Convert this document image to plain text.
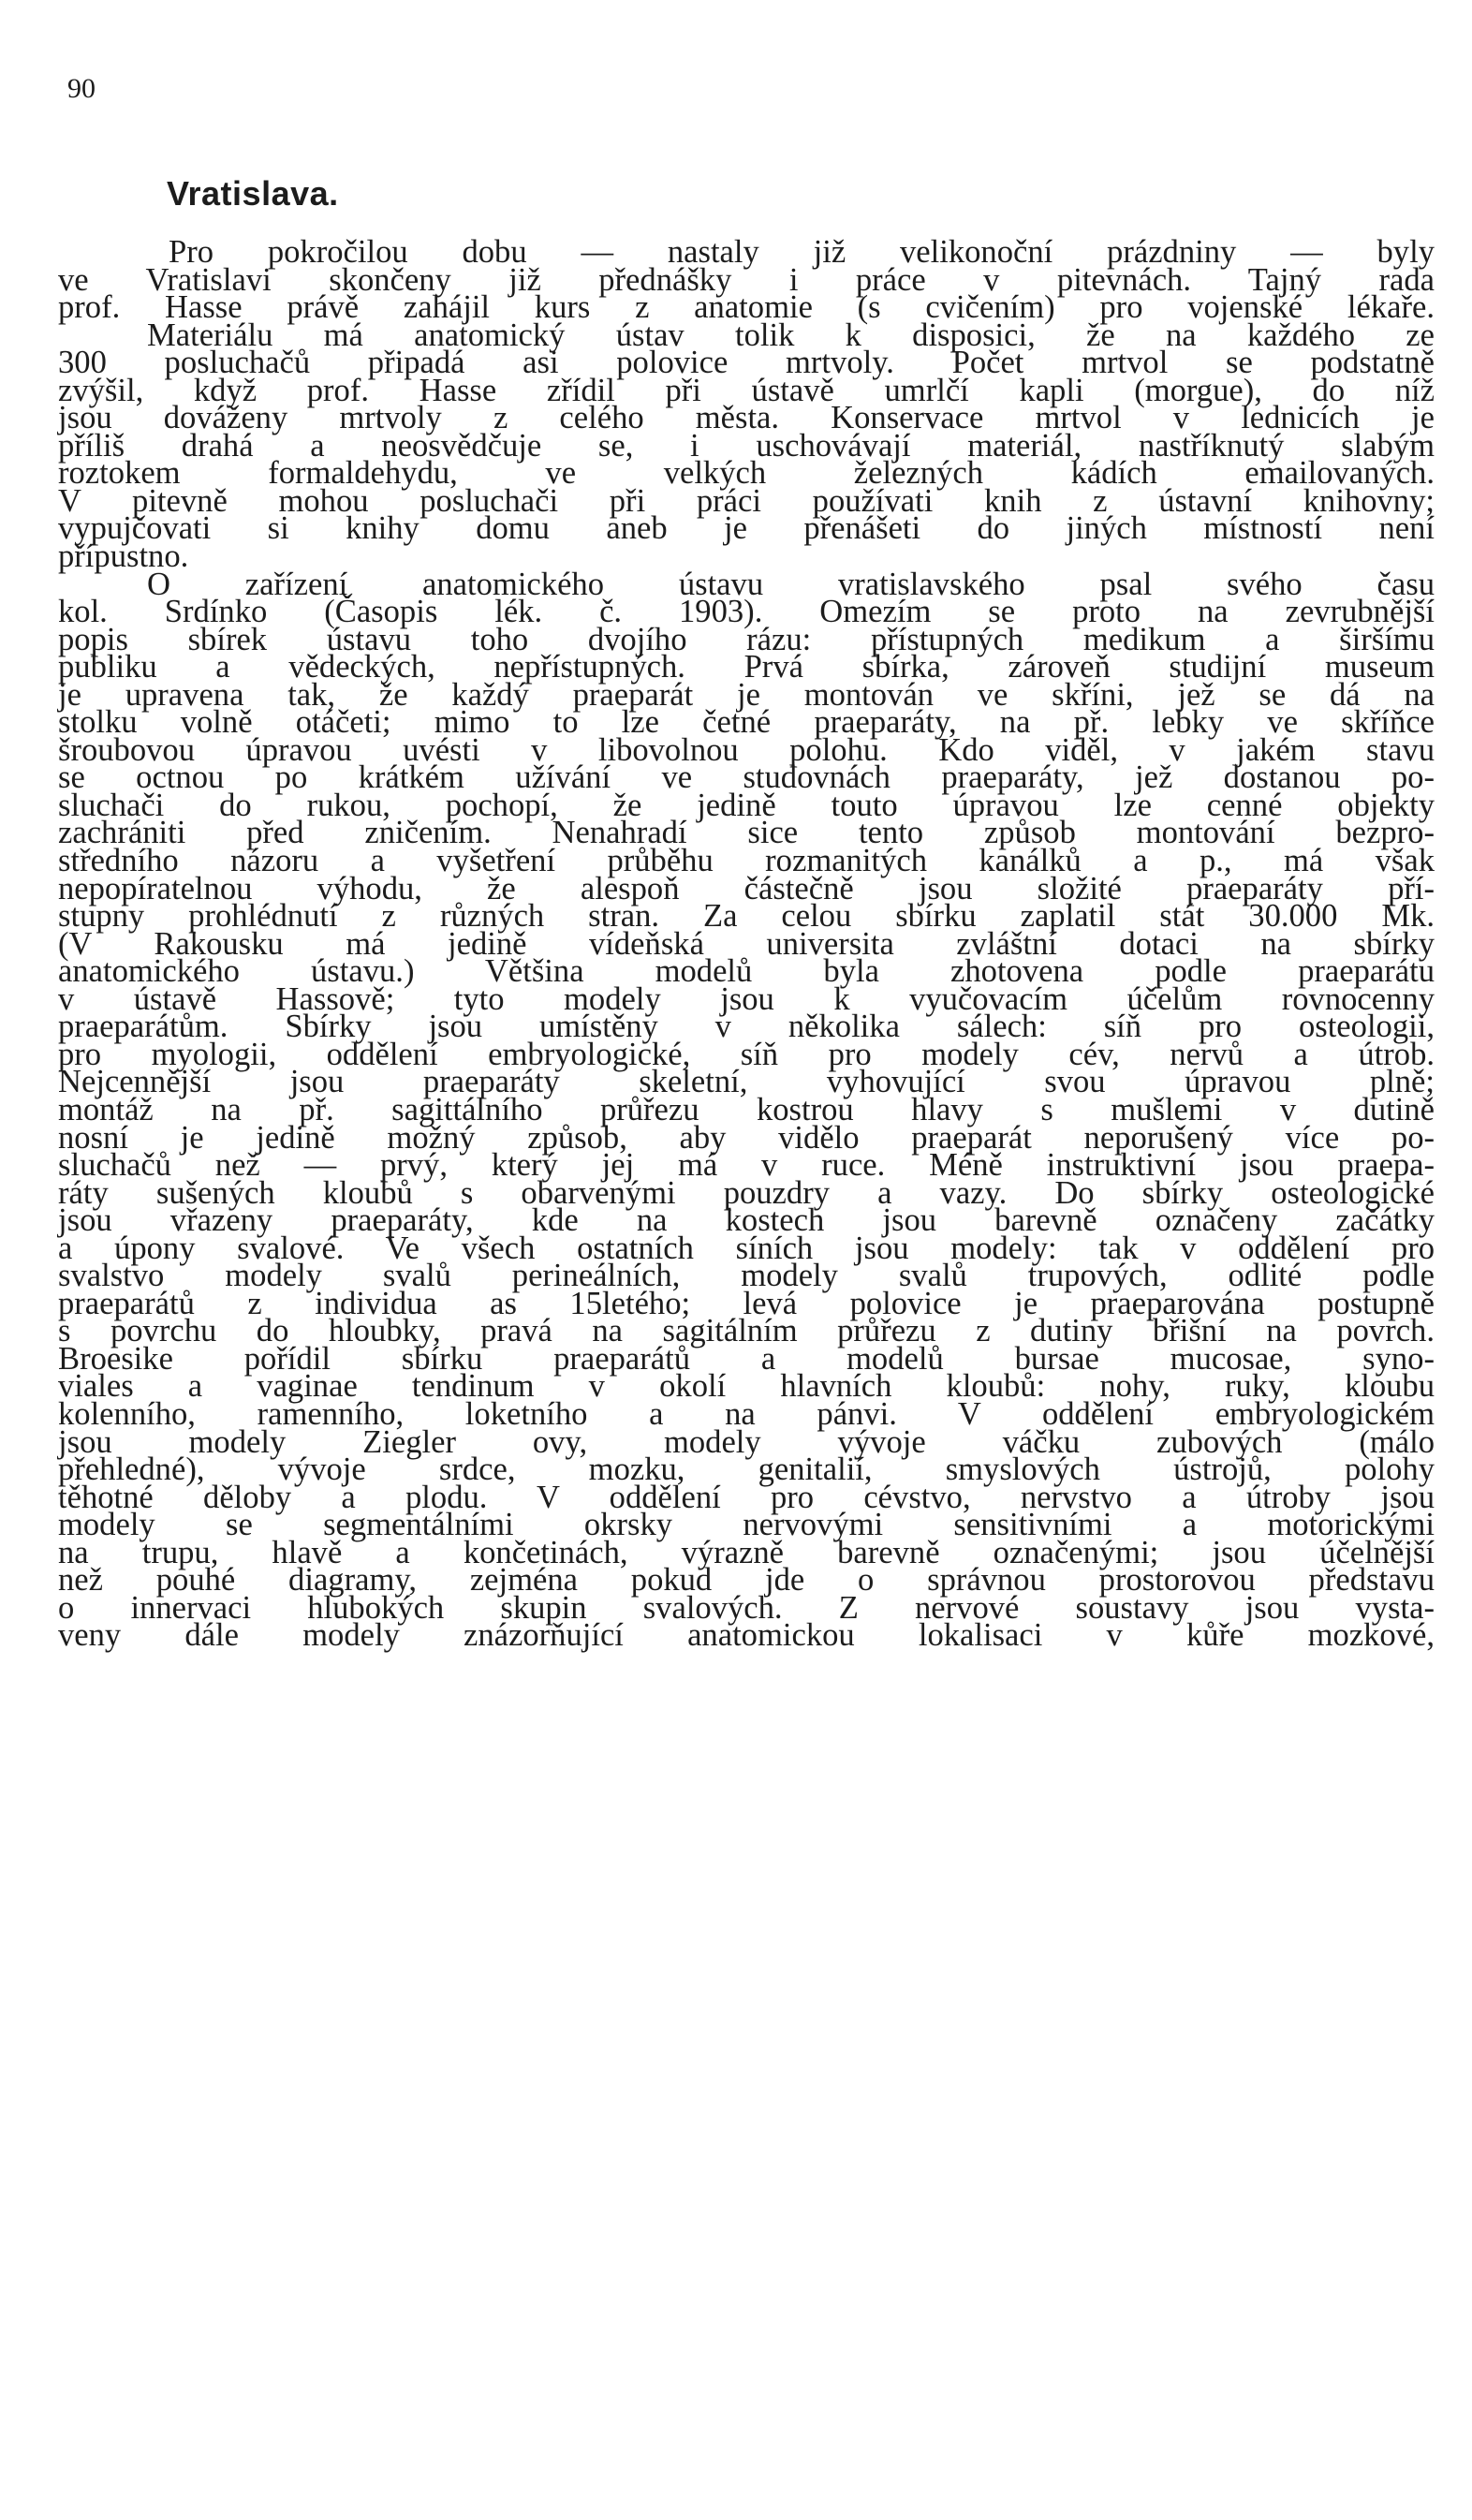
90
Vratislava.
Pro pokročilou dobu — nastaly již velikonoční prázdniny — byly
ve Vratislavi skončeny již přednášky i práce v pitevnách. Tajný rada
prof. Hasse právě zahájil kurs z anatomie (s cvičením) pro vojenské lékaře.
Materiálu má anatomický ústav tolik k disposici, že na každého ze
300 posluchačů připadá asi polovice mrtvoly. Počet mrtvol se podstatně
zvýšil, když prof. Hasse zřídil při ústavě umrlčí kapli (morgue), do níž
jsou dováženy mrtvoly z celého města. Konservace mrtvol v lednicích je
příliš drahá a neosvědčuje se, i uschovávají materiál, nastříknutý slabým
roztokem formaldehydu, ve velkých železných kádích emailovaných.
V pitevně mohou posluchači při práci používati knih z ústavní knihovny;
vypujčovati si knihy domu aneb je přenášeti do jiných místností není
přípustno.
O zařízení anatomického ústavu vratislavského psal svého času
kol. Srdínko (Časopis lék. č. 1903). Omezím se proto na zevrubnější
popis sbírek ústavu toho dvojího rázu: přístupných medikum a širšímu
publiku a vědeckých, nepřístupných. Prvá sbírka, zároveň studijní museum
je upravena tak, že každý praeparát je montován ve skříni, jež se dá na
stolku volně otáčeti; mimo to lze četné praeparáty, na př. lebky ve skříňce
šroubovou úpravou uvésti v libovolnou polohu. Kdo viděl, v jakém stavu
se octnou po krátkém užívání ve studovnách praeparáty, jež dostanou po-
sluchači do rukou, pochopí, že jedině touto úpravou lze cenné objekty
zachrániti před zničením. Nenahradí sice tento způsob montování bezpro-
středního názoru a vyšetření průběhu rozmanitých kanálků a p., má však
nepopíratelnou výhodu, že alespoň částečně jsou složité praeparáty pří-
stupny prohlédnutí z různých stran. Za celou sbírku zaplatil stát 30.000 Mk.
(V Rakousku má jedině vídeňská universita zvláštní dotaci na sbírky
anatomického ústavu.) Většina modelů byla zhotovena podle praeparátu
v ústavě Hassově; tyto modely jsou k vyučovacím účelům rovnocenny
praeparátům. Sbírky jsou umístěny v několika sálech: síň pro osteologii,
pro myologii, oddělení embryologické, síň pro modely cév, nervů a útrob.
Nejcennější jsou praeparáty skeletní, vyhovující svou úpravou plně;
montáž na př. sagittálního průřezu kostrou hlavy s mušlemi v dutině
nosní je jedině možný způsob, aby vidělo praeparát neporušený více po-
sluchačů než — prvý, který jej má v ruce. Méně instruktivní jsou praepa-
ráty sušených kloubů s obarvenými pouzdry a vazy. Do sbírky osteologické
jsou vřazeny praeparáty, kde na kostech jsou barevně označeny začátky
a úpony svalové. Ve všech ostatních síních jsou modely: tak v oddělení pro
svalstvo modely svalů perineálních, modely svalů trupových, odlité podle
praeparátů z individua as 15letého; levá polovice je praeparována postupně
s povrchu do hloubky, pravá na sagitálním průřezu z dutiny břišní na povrch.
Broesike pořídil sbírku praeparátů a modelů bursae mucosae, syno-
viales a vaginae tendinum v okolí hlavních kloubů: nohy, ruky, kloubu
kolenního, ramenního, loketního a na pánvi. V oddělení embryologickém
jsou modely Ziegler ovy, modely vývoje váčku zubových (málo
přehledné), vývoje srdce, mozku, genitalií, smyslových ústrojů, polohy
těhotné děloby a plodu. V oddělení pro cévstvo, nervstvo a útroby jsou
modely se segmentálními okrsky nervovými sensitivními a motorickými
na trupu, hlavě a končetinách, výrazně barevně označenými; jsou účelnější
než pouhé diagramy, zejména pokud jde o správnou prostorovou představu
o innervaci hlubokých skupin svalových. Z nervové soustavy jsou vysta-
veny dále modely znázorňující anatomickou lokalisaci v kůře mozkové,
